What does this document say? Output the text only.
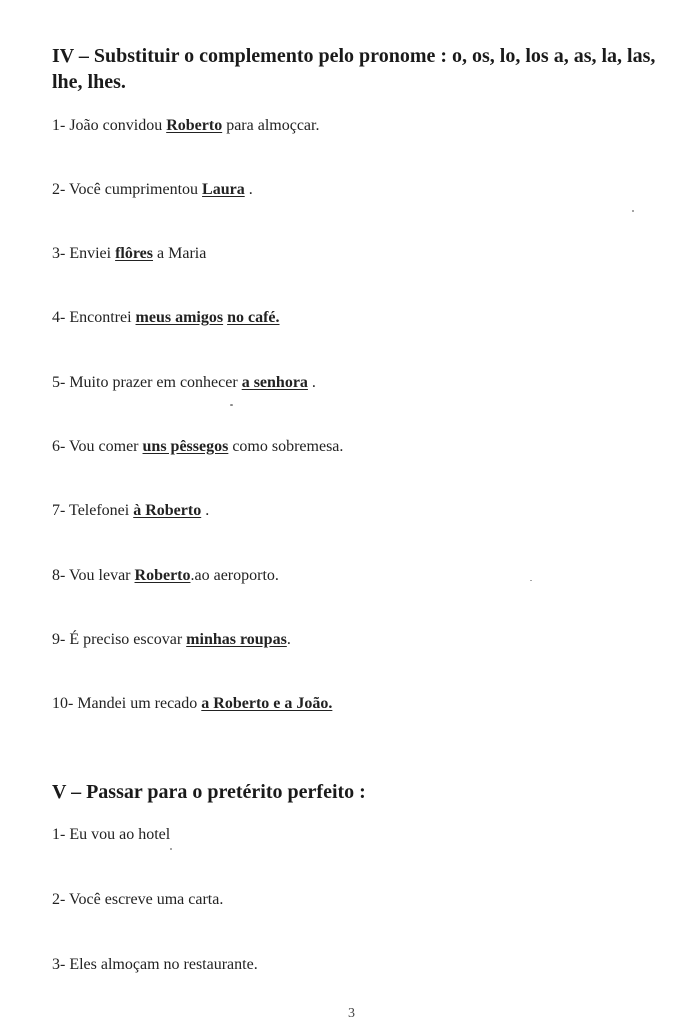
IV – Substituir o complemento pelo pronome : o, os, lo, los a, as, la, las, lhe, lhes.

1- João convidou Roberto para almoçcar.

2- Você cumprimentou Laura .

3- Enviei flôres a Maria

4- Encontrei meus amigos no café.

5- Muito prazer em conhecer a senhora .

6- Vou comer uns pêssegos como sobremesa.

7- Telefonei à Roberto .

8- Vou levar Roberto.ao aeroporto.

9- É preciso escovar minhas roupas.

10- Mandei um recado a Roberto e a João.

V – Passar para o pretérito perfeito :

1- Eu vou ao hotel

2- Você escreve uma carta.

3- Eles almoçam no restaurante.

3
